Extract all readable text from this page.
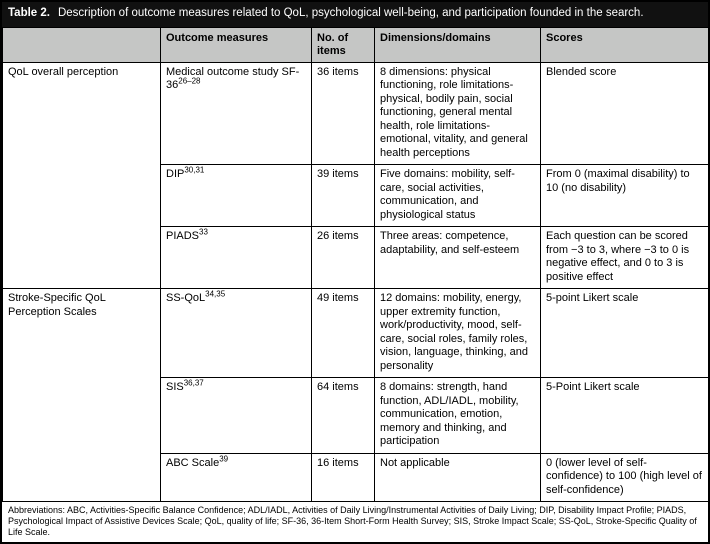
Table 2. Description of outcome measures related to QoL, psychological well-being, and participation founded in the search.
	Outcome measures	No. of items	Dimensions/domains	Scores
QoL overall perception	Medical outcome study SF-36$^{26-28}$	36 items	8 dimensions: physical functioning, role limitations-physical, bodily pain, social functioning, general mental health, role limitations-emotional, vitality, and general health perceptions	Blended score
	DIP$^{30,31}$	39 items	Five domains: mobility, self-care, social activities, communication, and physiological status	From 0 (maximal disability) to 10 (no disability)
	PIADS$^{33}$	26 items	Three areas: competence, adaptability, and self-esteem	Each question can be scored from −3 to 3, where −3 to 0 is negative effect, and 0 to 3 is positive effect
Stroke-Specific QoL Perception Scales	SS-QoL$^{34,35}$	49 items	12 domains: mobility, energy, upper extremity function, work/productivity, mood, self-care, social roles, family roles, vision, language, thinking, and personality	5-point Likert scale
	SIS$^{36,37}$	64 items	8 domains: strength, hand function, ADL/IADL, mobility, communication, emotion, memory and thinking, and participation	5-Point Likert scale
	ABC Scale$^{39}$	16 items	Not applicable	0 (lower level of self-confidence) to 100 (high level of self-confidence)
Abbreviations: ABC, Activities-Specific Balance Confidence; ADL/IADL, Activities of Daily Living/Instrumental Activities of Daily Living; DIP, Disability Impact Profile; PIADS, Psychological Impact of Assistive Devices Scale; QoL, quality of life; SF-36, 36-Item Short-Form Health Survey; SIS, Stroke Impact Scale; SS-QoL, Stroke-Specific Quality of Life Scale.
